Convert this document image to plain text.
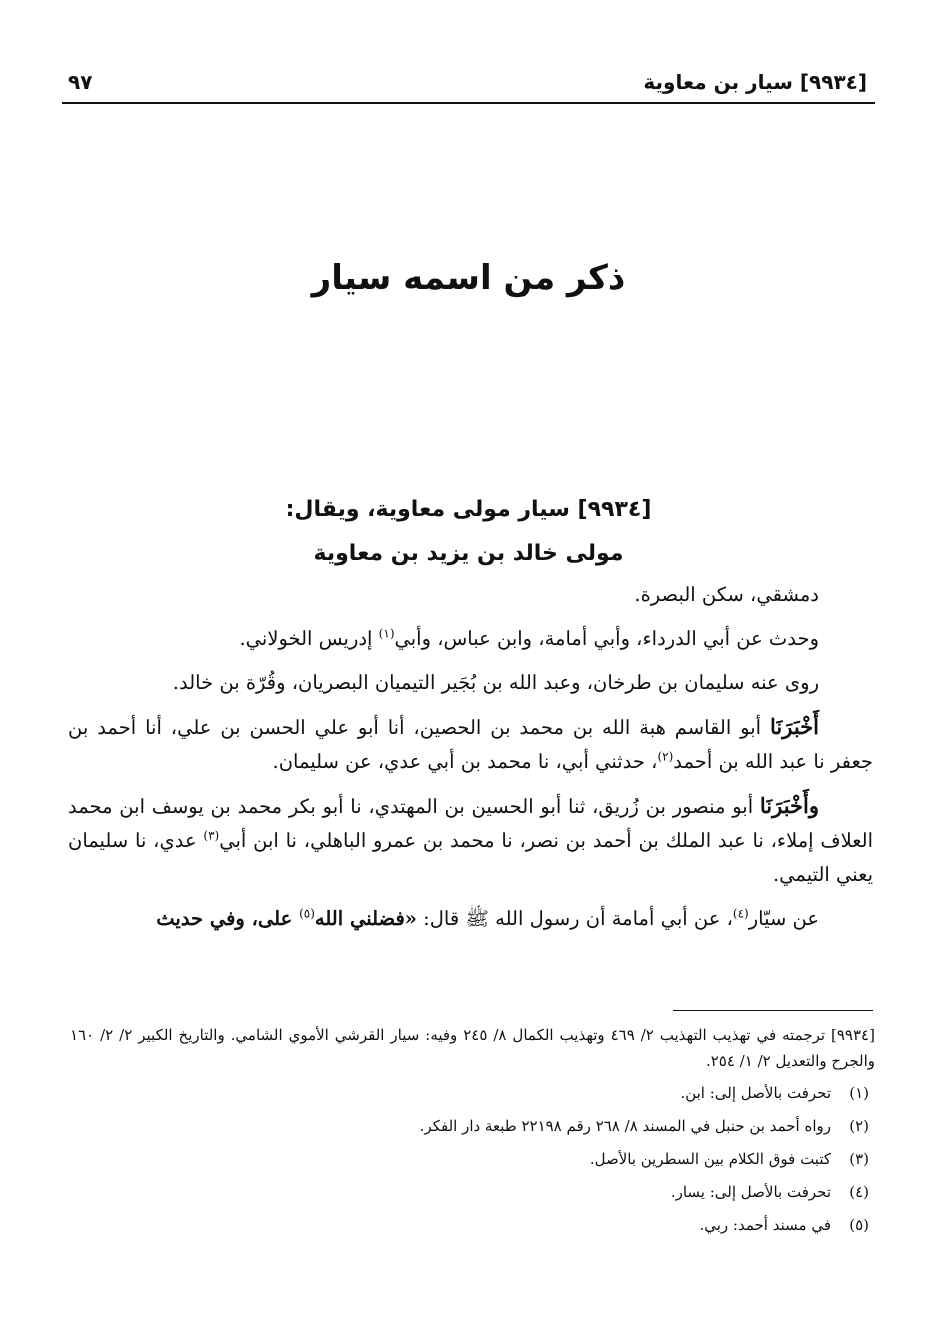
[٩٩٣٤] سيار بن معاوية
٩٧
ذكر من اسمه سيار
[٩٩٣٤] سيار مولى معاوية، ويقال:
مولى خالد بن يزيد بن معاوية

دمشقي، سكن البصرة.

وحدث عن أبي الدرداء، وأبي أمامة، وابن عباس، وأبي$^{(١)}$ إدريس الخولاني.

روى عنه سليمان بن طرخان، وعبد الله بن بُجَير التيميان البصريان، وقُرّة بن خالد.

أَخْبَرَنَا أبو القاسم هبة الله بن محمد بن الحصين، أنا أبو علي الحسن بن علي، أنا أحمد بن جعفر نا عبد الله بن أحمد$^{(٢)}$، حدثني أبي، نا محمد بن أبي عدي، عن سليمان.

وأَخْبَرَنَا أبو منصور بن زُريق، ثنا أبو الحسين بن المهتدي، نا أبو بكر محمد بن يوسف ابن محمد العلاف إملاء، نا عبد الملك بن أحمد بن نصر، نا محمد بن عمرو الباهلي، نا ابن أبي$^{(٣)}$ عدي، نا سليمان يعني التيمي.

عن سيّار$^{(٤)}$، عن أبي أمامة أن رسول الله ﷺ قال: «فضلني الله$^{(٥)}$ على، وفي حديث

[٩٩٣٤] ترجمته في تهذيب التهذيب ٢/ ٤٦٩ وتهذيب الكمال ٨/ ٢٤٥ وفيه: سيار القرشي الأموي الشامي. والتاريخ الكبير ٢/ ٢/ ١٦٠ والجرح والتعديل ٢/ ١/ ٢٥٤.
(١)تحرفت بالأصل إلى: ابن.
(٢)رواه أحمد بن حنبل في المسند ٨/ ٢٦٨ رقم ٢٢١٩٨ طبعة دار الفكر.
(٣)كتبت فوق الكلام بين السطرين بالأصل.
(٤)تحرفت بالأصل إلى: يسار.
(٥)في مسند أحمد: ربي.
